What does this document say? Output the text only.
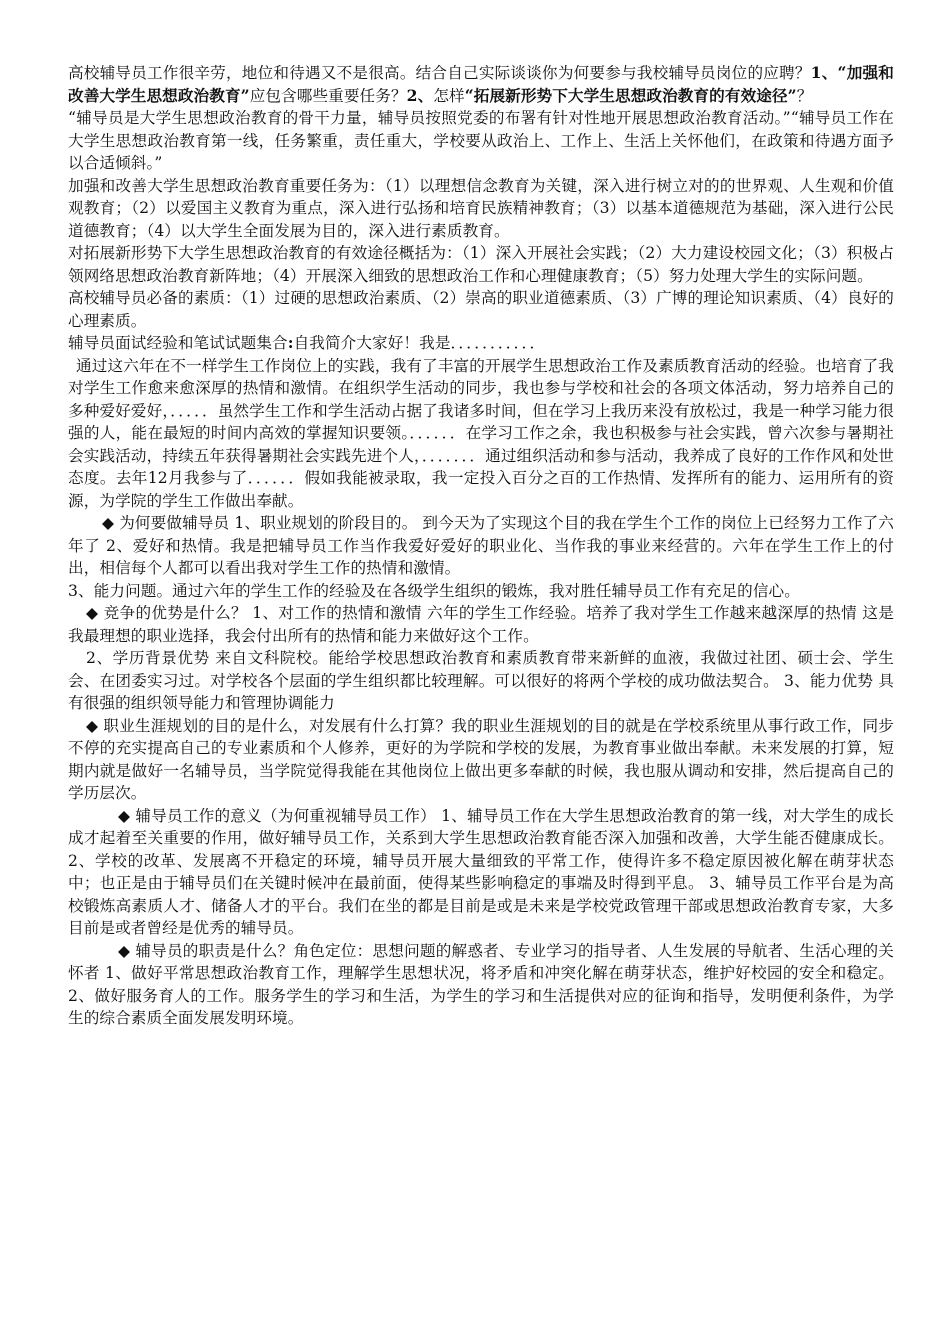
高校辅导员工作很辛劳，地位和待遇又不是很高。结合自己实际谈谈你为何要参与我校辅导员岗位的应聘？1、“加强和改善大学生思想政治教育”应包含哪些重要任务？2、怎样“拓展新形势下大学生思想政治教育的有效途径”？

“辅导员是大学生思想政治教育的骨干力量，辅导员按照党委的布署有针对性地开展思想政治教育活动。”“辅导员工作在大学生思想政治教育第一线，任务繁重，责任重大，学校要从政治上、工作上、生活上关怀他们，在政策和待遇方面予以合适倾斜。”

加强和改善大学生思想政治教育重要任务为：（1）以理想信念教育为关键，深入进行树立对的的世界观、人生观和价值观教育；（2）以爱国主义教育为重点，深入进行弘扬和培育民族精神教育；（3）以基本道德规范为基础，深入进行公民道德教育；（4）以大学生全面发展为目的，深入进行素质教育。

对拓展新形势下大学生思想政治教育的有效途径概括为：（1）深入开展社会实践；（2）大力建设校园文化；（3）积极占领网络思想政治教育新阵地；（4）开展深入细致的思想政治工作和心理健康教育；（5）努力处理大学生的实际问题。

高校辅导员必备的素质：（1）过硬的思想政治素质、（2）崇高的职业道德素质、（3）广博的理论知识素质、（4）良好的心理素质。

辅导员面试经验和笔试试题集合:自我简介大家好！我是．．．．．．．．．．．

通过这六年在不一样学生工作岗位上的实践，我有了丰富的开展学生思想政治工作及素质教育活动的经验。也培育了我对学生工作愈来愈深厚的热情和激情。在组织学生活动的同步，我也参与学校和社会的各项文体活动，努力培养自己的多种爱好爱好，．．．．．虽然学生工作和学生活动占据了我诸多时间，但在学习上我历来没有放松过，我是一种学习能力很强的人，能在最短的时间内高效的掌握知识要领。．．．．．．在学习工作之余，我也积极参与社会实践，曾六次参与暑期社会实践活动，持续五年获得暑期社会实践先进个人，．．．．．．．通过组织活动和参与活动，我养成了良好的工作作风和处世态度。去年12月我参与了．．．．．．假如我能被录取，我一定投入百分之百的工作热情、发挥所有的能力、运用所有的资源，为学院的学生工作做出奉献。

◆ 为何要做辅导员 1、职业规划的阶段目的。 到今天为了实现这个目的我在学生个工作的岗位上已经努力工作了六年了 2、爱好和热情。我是把辅导员工作当作我爱好爱好的职业化、当作我的事业来经营的。六年在学生工作上的付出，相信每个人都可以看出我对学生工作的热情和激情。

3、能力问题。通过六年的学生工作的经验及在各级学生组织的锻炼，我对胜任辅导员工作有充足的信心。

◆ 竞争的优势是什么？ 1、对工作的热情和激情 六年的学生工作经验。培养了我对学生工作越来越深厚的热情 这是我最理想的职业选择，我会付出所有的热情和能力来做好这个工作。

2、学历背景优势 来自文科院校。能给学校思想政治教育和素质教育带来新鲜的血液，我做过社团、硕士会、学生会、在团委实习过。对学校各个层面的学生组织都比较理解。可以很好的将两个学校的成功做法契合。 3、能力优势 具有很强的组织领导能力和管理协调能力

◆ 职业生涯规划的目的是什么，对发展有什么打算？我的职业生涯规划的目的就是在学校系统里从事行政工作，同步不停的充实提高自己的专业素质和个人修养，更好的为学院和学校的发展，为教育事业做出奉献。未来发展的打算，短期内就是做好一名辅导员，当学院觉得我能在其他岗位上做出更多奉献的时候，我也服从调动和安排，然后提高自己的学历层次。

◆ 辅导员工作的意义（为何重视辅导员工作） 1、辅导员工作在大学生思想政治教育的第一线，对大学生的成长成才起着至关重要的作用，做好辅导员工作，关系到大学生思想政治教育能否深入加强和改善，大学生能否健康成长。 2、学校的改革、发展离不开稳定的环境，辅导员开展大量细致的平常工作，使得许多不稳定原因被化解在萌芽状态中；也正是由于辅导员们在关键时候冲在最前面，使得某些影响稳定的事端及时得到平息。 3、辅导员工作平台是为高校锻炼高素质人才、储备人才的平台。我们在坐的都是目前是或是未来是学校党政管理干部或思想政治教育专家，大多目前是或者曾经是优秀的辅导员。

◆ 辅导员的职责是什么？角色定位：思想问题的解惑者、专业学习的指导者、人生发展的导航者、生活心理的关怀者 1、做好平常思想政治教育工作，理解学生思想状况，将矛盾和冲突化解在萌芽状态，维护好校园的安全和稳定。 2、做好服务育人的工作。服务学生的学习和生活，为学生的学习和生活提供对应的征询和指导，发明便利条件，为学生的综合素质全面发展发明环境。
